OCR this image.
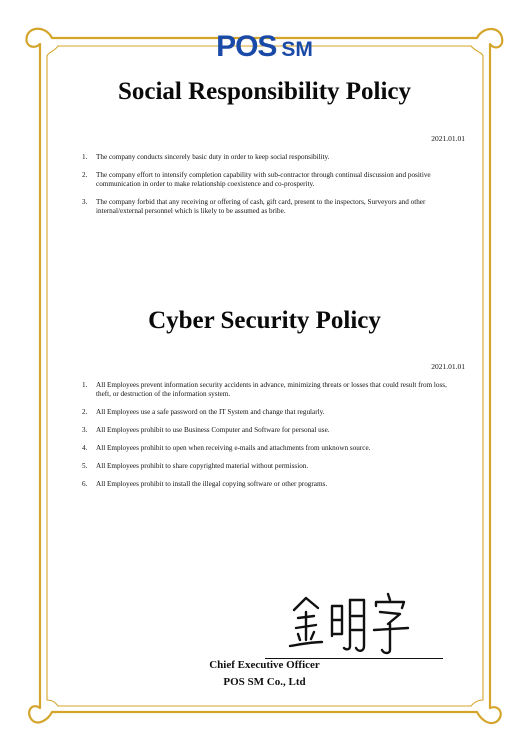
POS SM
Social Responsibility Policy
2021.01.01
1. The company conducts sincerely basic duty in order to keep social responsibility.
2. The company effort to intensify completion capability with sub-contractor through continual discussion and positive communication in order to make relationship coexistence and co-prosperity.
3. The company forbid that any receiving or offering of cash, gift card, present to the inspectors, Surveyors and other internal/external personnel which is likely to be assumed as bribe.
Cyber Security Policy
2021.01.01
1. All Employees prevent information security accidents in advance, minimizing threats or losses that could result from loss, theft, or destruction of the information system.
2. All Employees use a safe password on the IT System and change that regularly.
3. All Employees prohibit to use Business Computer and Software for personal use.
4. All Employees prohibit to open when receiving e-mails and attachments from unknown source.
5. All Employees prohibit to share copyrighted material without permission.
6. All Employees prohibit to install the illegal copying software or other programs.
Chief Executive Officer
POS SM Co., Ltd
